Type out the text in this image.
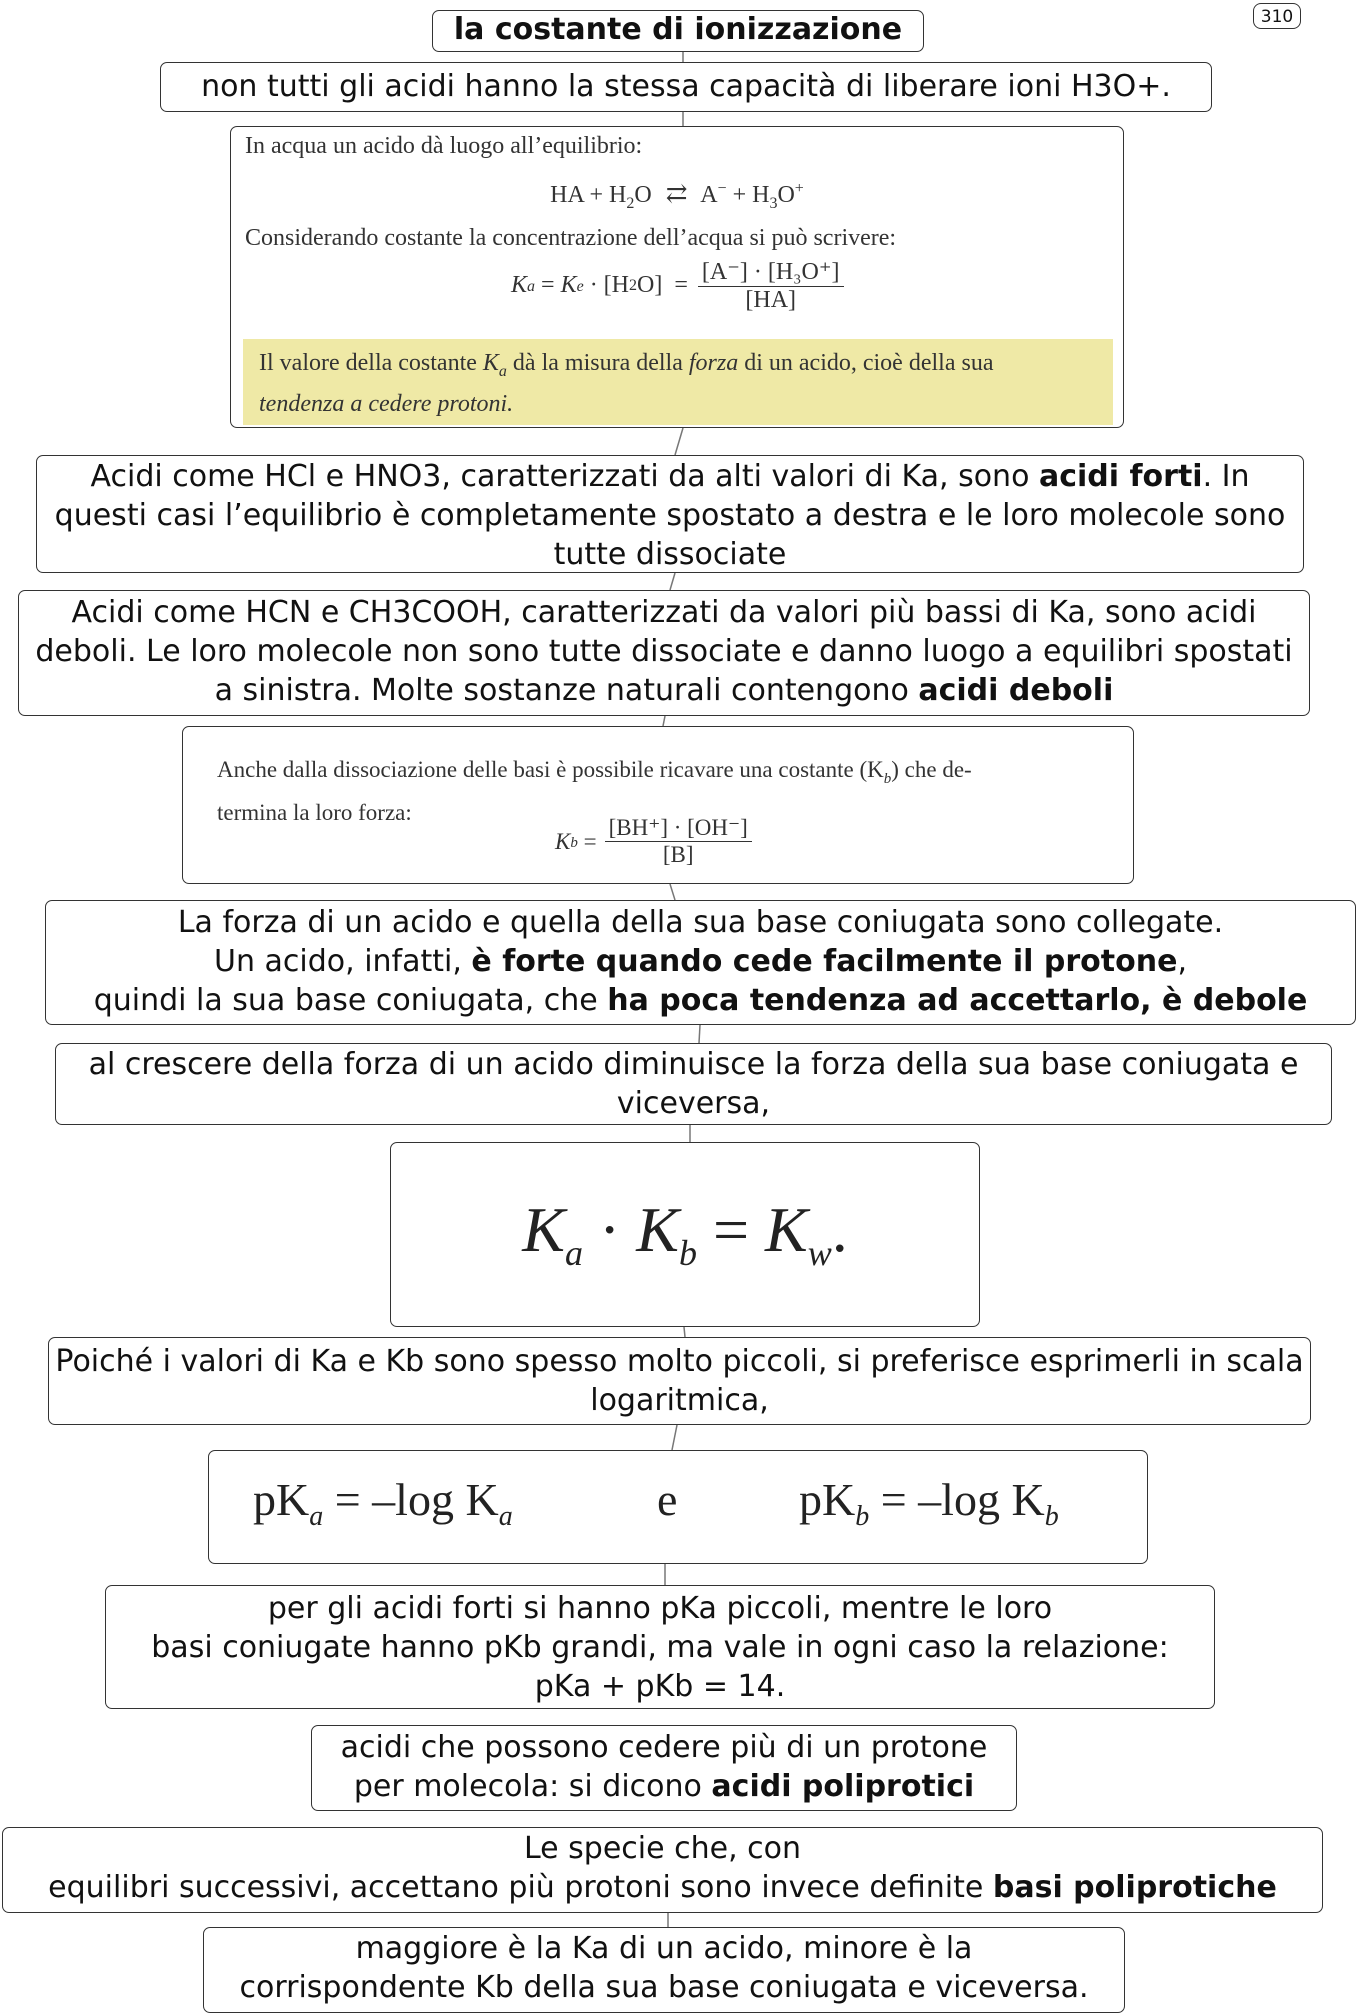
310
la costante di ionizzazione
non tutti gli acidi hanno la stessa capacità di liberare ioni H3O+.
In acqua un acido dà luogo all’equilibrio:
HA + $H_2O$ ⇄ $A^- + H_3O^+$
Considerando costante la concentrazione dell’acqua si può scrivere:
K a = K e · [H 2 $O] = \frac{\text{[A⁻] · [H₃O⁺]}}{[HA]}$
Il valore della costante $K_a$ dà la misura della forza di un acido, cioè della sua
tendenza a cedere protoni.
Acidi come HCl e HNO3, caratterizzati da alti valori di Ka, sono acidi forti. In questi casi l’equilibrio è completamente spostato a destra e le loro molecole sono tutte dissociate
Acidi come HCN e CH3COOH, caratterizzati da valori più bassi di Ka, sono acidi deboli. Le loro molecole non sono tutte dissociate e danno luogo a equilibri spostati a sinistra. Molte sostanze naturali contengono acidi deboli
Anche dalla dissociazione delle basi è possibile ricavare una costante $(K_b)$ che de-
termina la loro forza:
K $b = \frac{[BH^+] \cdot [OH^-]}{[B]}$
La forza di un acido e quella della sua base coniugata sono collegate.
Un acido, infatti, è forte quando cede facilmente il protone,
quindi la sua base coniugata, che ha poca tendenza ad accettarlo, è debole
al crescere della forza di un acido diminuisce la forza della sua base coniugata e viceversa,
$K_a \cdot K_b = K_w$.
Poiché i valori di Ka e Kb sono spesso molto piccoli, si preferisce esprimerli in scala logaritmica,
$pK_a = -\log$ $K_a$	e	$pK_b = -\log$ $K_b$
per gli acidi forti si hanno pKa piccoli, mentre le loro
basi coniugate hanno pKb grandi, ma vale in ogni caso la relazione:
pKa + pKb = 14.
acidi che possono cedere più di un protone
per molecola: si dicono acidi poliprotici
Le specie che, con
equilibri successivi, accettano più protoni sono invece definite basi poliprotiche
maggiore è la Ka di un acido, minore è la
corrispondente Kb della sua base coniugata e viceversa.
